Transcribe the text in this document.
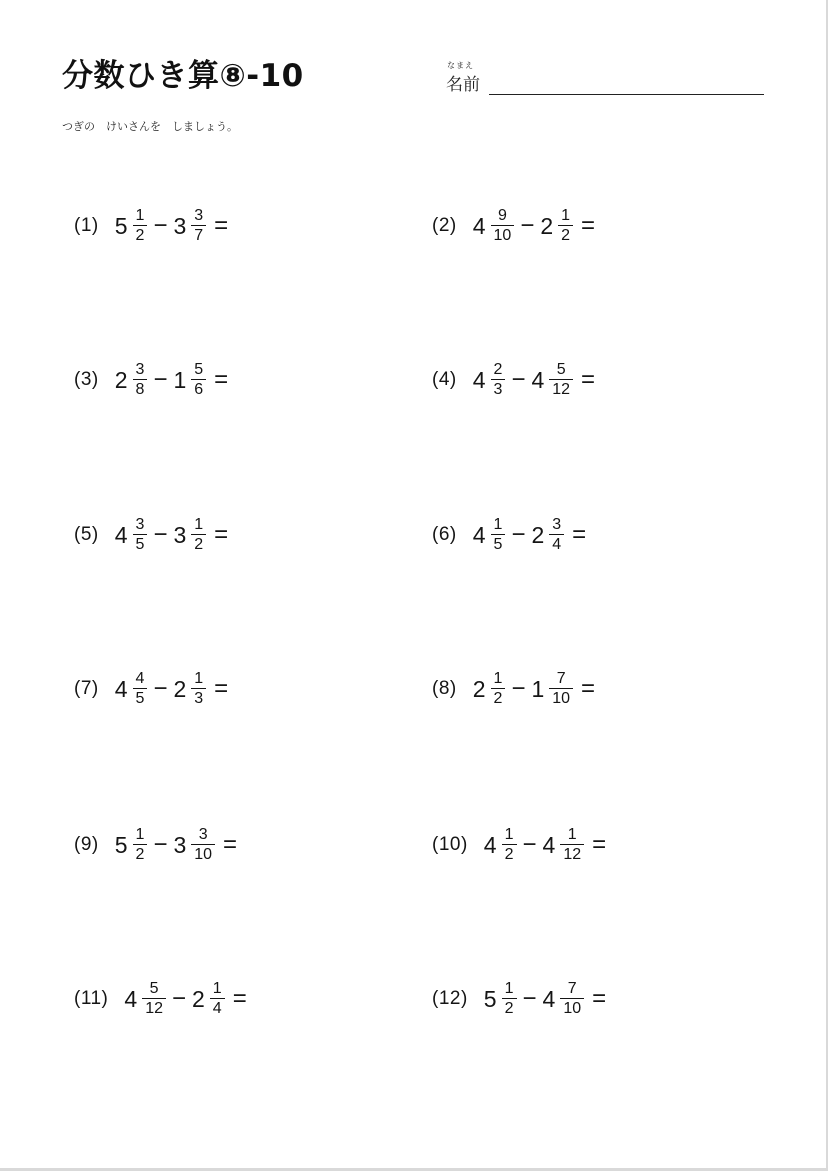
分数ひき算⑧-10	なまえ
名前
つぎの　けいさんを　しましょう。
(1) $5 \frac{1}{2} - 3 \frac{3}{7}$ =	(2) $4 \frac{9}{10} - 2 \frac{1}{2}$ =
(3) $2 \frac{3}{8} - 1 \frac{5}{6}$ =	(4) $4 \frac{2}{3} - 4 \frac{5}{12}$ =
(5) $4 \frac{3}{5} - 3 \frac{1}{2}$ =	(6) $4 \frac{1}{5} - 2 \frac{3}{4}$ =
(7) $4 \frac{4}{5} - 2 \frac{1}{3}$ =	(8) $2 \frac{1}{2} - 1 \frac{7}{10}$ =
(9) $5 \frac{1}{2} - 3 \frac{3}{10}$ =	(10) $4 \frac{1}{2} - 4 \frac{1}{12}$ =
(11) $4 \frac{5}{12} - 2 \frac{1}{4}$ =	(12) $5 \frac{1}{2} - 4 \frac{7}{10}$ =
